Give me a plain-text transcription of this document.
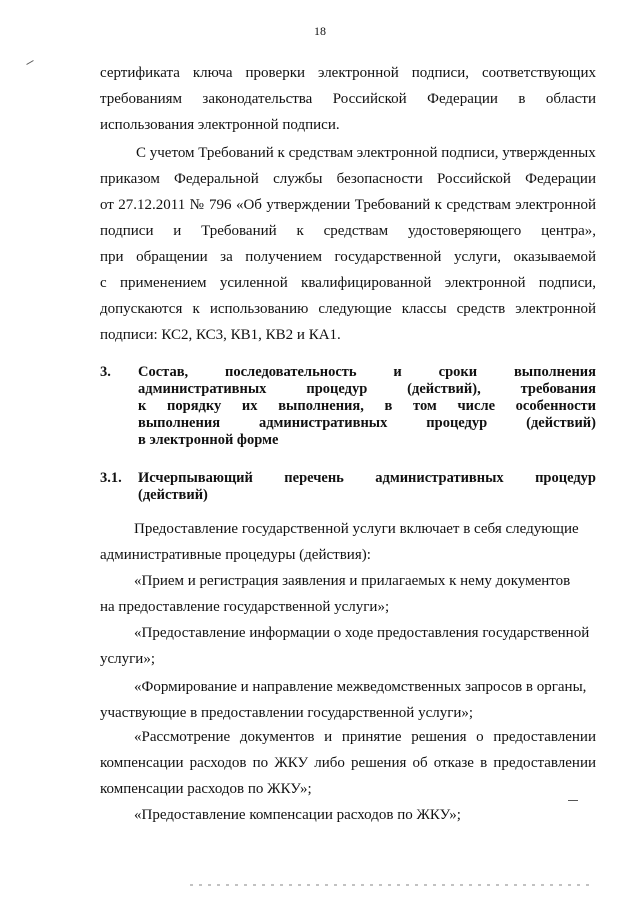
18

сертификата ключа проверки электронной подписи, соответствующих

требованиям законодательства Российской Федерации в области

использования электронной подписи.

С учетом Требований к средствам электронной подписи, утвержденных

приказом Федеральной службы безопасности Российской Федерации

от 27.12.2011 № 796 «Об утверждении Требований к средствам электронной

подписи и Требований к средствам удостоверяющего центра»,

при обращении за получением государственной услуги, оказываемой

с применением усиленной квалифицированной электронной подписи,

допускаются к использованию следующие классы средств электронной

подписи: КС2, КС3, КВ1, КВ2 и КА1.

3. Состав, последовательность и сроки выполнения

административных процедур (действий), требования

к порядку их выполнения, в том числе особенности

выполнения административных процедур (действий)

в электронной форме

3.1. Исчерпывающий перечень административных процедур

(действий)

Предоставление государственной услуги включает в себя следующие

административные процедуры (действия):

«Прием и регистрация заявления и прилагаемых к нему документов

на предоставление государственной услуги»;

«Предоставление информации о ходе предоставления государственной

услуги»;

«Формирование и направление межведомственных запросов в органы,

участвующие в предоставлении государственной услуги»;

«Рассмотрение документов и принятие решения о предоставлении

компенсации расходов по ЖКУ либо решения об отказе в предоставлении

компенсации расходов по ЖКУ»;

«Предоставление компенсации расходов по ЖКУ»;
